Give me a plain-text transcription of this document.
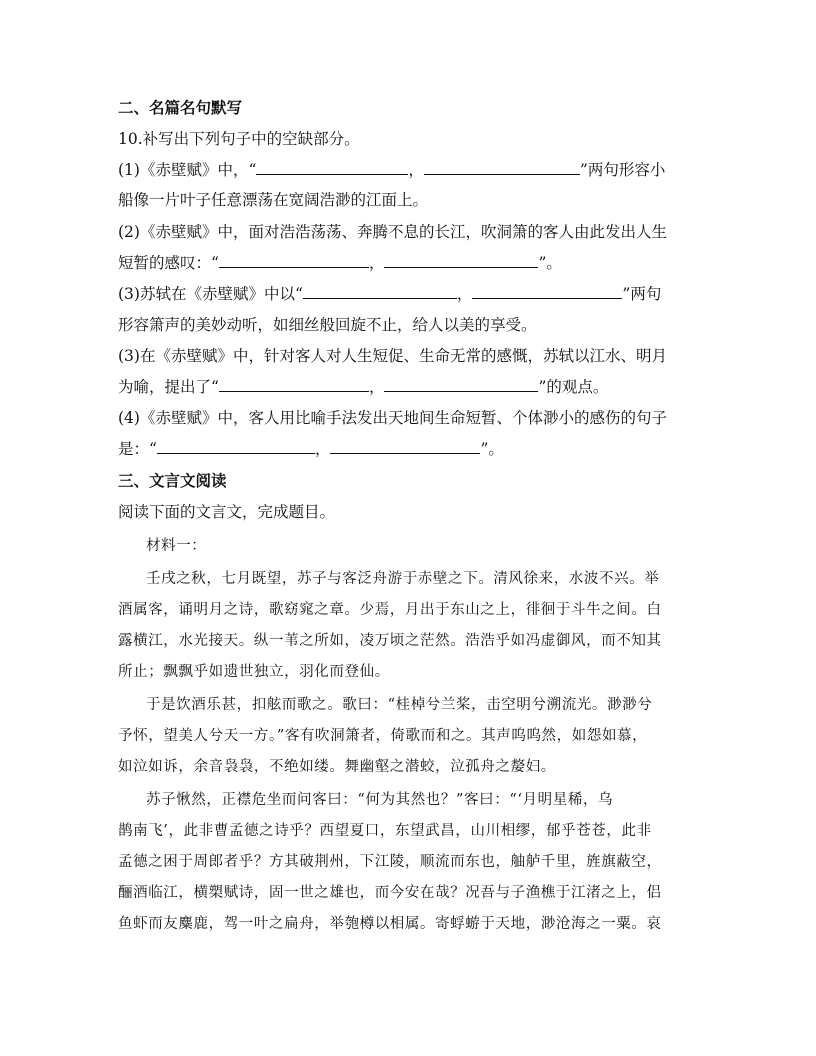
二、名篇名句默写
10.补写出下列句子中的空缺部分。
(1)《赤壁赋》中，“	，	”两句形容小
船像一片叶子任意漂荡在宽阔浩渺的江面上。
(2)《赤壁赋》中，面对浩浩荡荡、奔腾不息的长江，吹洞箫的客人由此发出人生
短暂的感叹：“	，	”。
(3)苏轼在《赤壁赋》中以“	，	”两句
形容箫声的美妙动听，如细丝般回旋不止，给人以美的享受。
(3)在《赤壁赋》中，针对客人对人生短促、生命无常的感慨，苏轼以江水、明月
为喻，提出了“	，	”的观点。
(4)《赤壁赋》中，客人用比喻手法发出天地间生命短暂、个体渺小的感伤的句子
是：“	，	”。
三、文言文阅读
阅读下面的文言文，完成题目。
材料一：
壬戌之秋，七月既望，苏子与客泛舟游于赤壁之下。清风徐来，水波不兴。举
酒属客，诵明月之诗，歌窈窕之章。少焉，月出于东山之上，徘徊于斗牛之间。白
露横江，水光接天。纵一苇之所如，凌万顷之茫然。浩浩乎如冯虚御风，而不知其
所止；飘飘乎如遗世独立，羽化而登仙。
于是饮酒乐甚，扣舷而歌之。歌曰：“桂棹兮兰桨，击空明兮溯流光。渺渺兮
予怀，望美人兮天一方。”客有吹洞箫者，倚歌而和之。其声呜呜然，如怨如慕，
如泣如诉，余音袅袅，不绝如缕。舞幽壑之潜蛟，泣孤舟之嫠妇。
苏子愀然，正襟危坐而问客曰：“何为其然也？”客曰：“‘月明星稀，乌
鹊南飞’，此非曹孟德之诗乎？西望夏口，东望武昌，山川相缪，郁乎苍苍，此非
孟德之困于周郎者乎？方其破荆州，下江陵，顺流而东也，舳舻千里，旌旗蔽空，
酾酒临江，横槊赋诗，固一世之雄也，而今安在哉？况吾与子渔樵于江渚之上，侣
鱼虾而友麋鹿，驾一叶之扁舟，举匏樽以相属。寄蜉蝣于天地，渺沧海之一粟。哀
